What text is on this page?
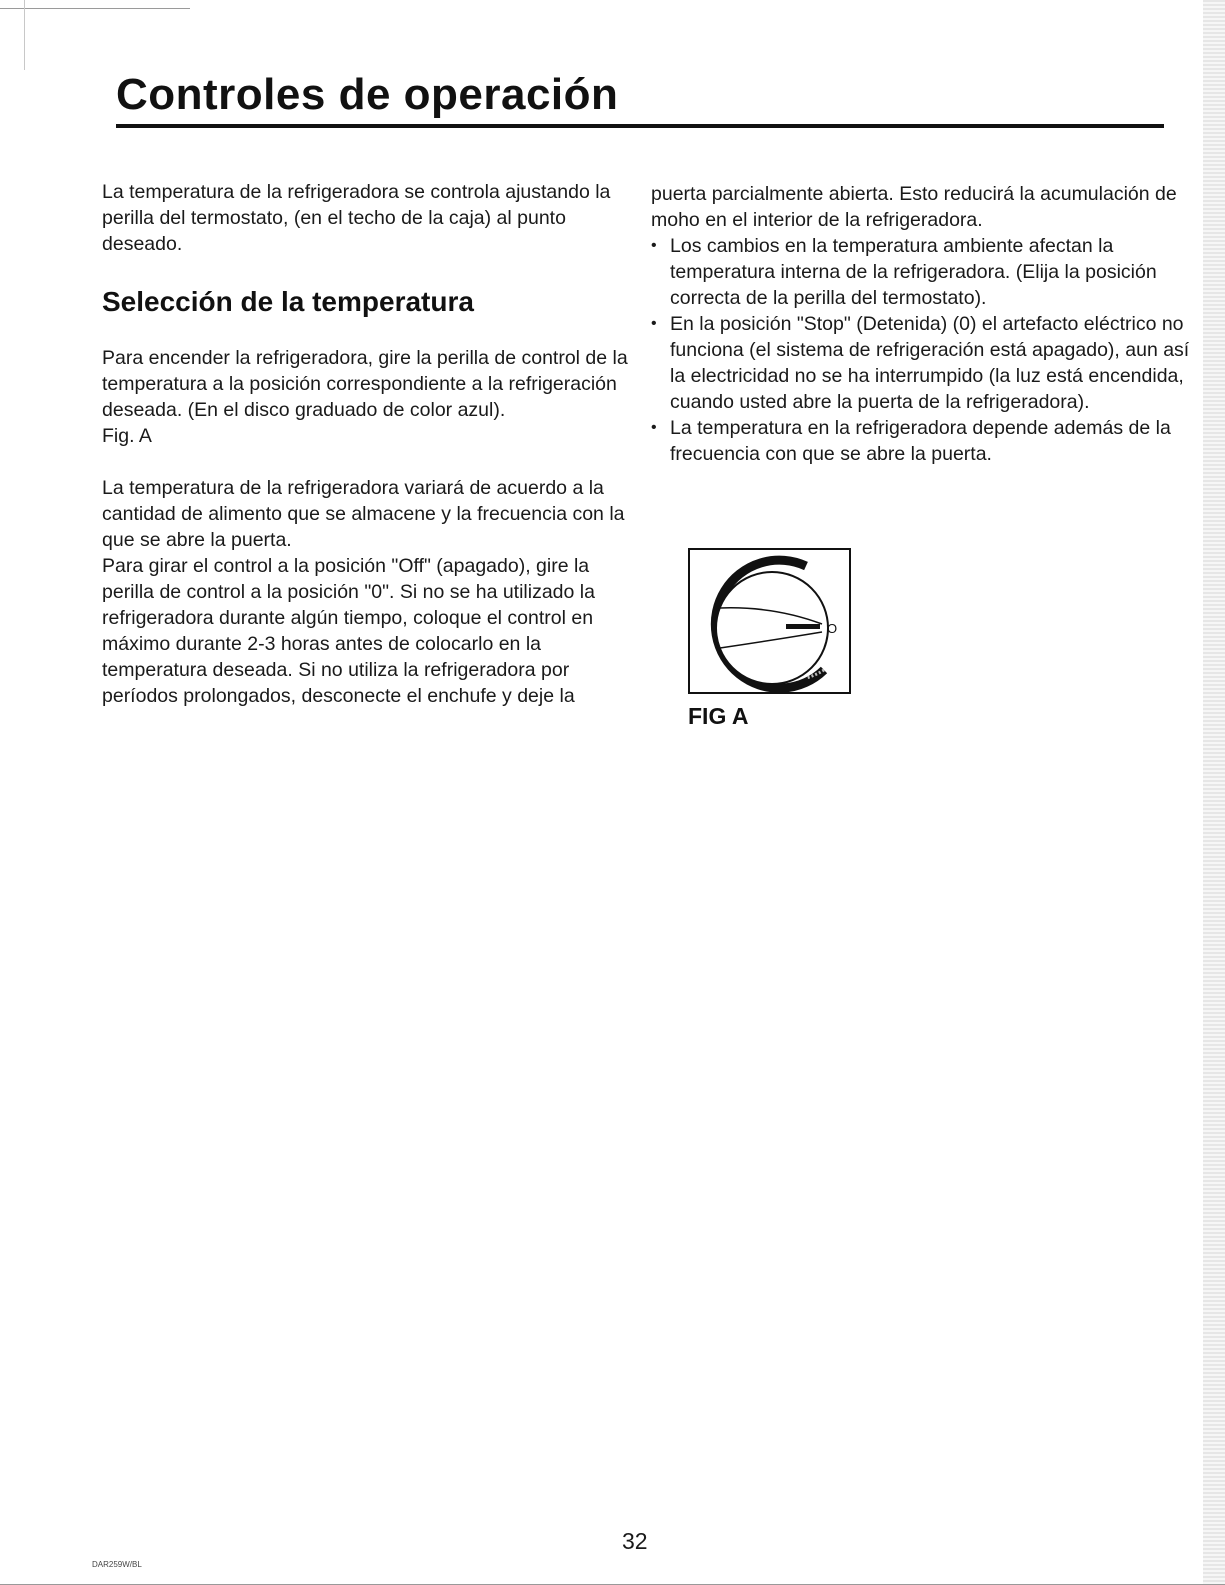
Controles de operación

La temperatura de la refrigeradora se controla ajustando la perilla del termostato, (en el techo de la caja) al punto deseado.

Selección de la temperatura

Para encender la refrigeradora, gire la perilla de control de la temperatura a la posición correspondiente a la refrigeración deseada. (En el disco graduado de color azul).

Fig. A

La temperatura de la refrigeradora variará de acuerdo a la cantidad de alimento que se almacene y la frecuencia con la que se abre la puerta.

Para girar el control a la posición "Off" (apagado), gire la perilla de control a la posición "0". Si no se ha utilizado la refrigeradora durante algún tiempo, coloque el control en máximo durante 2-3 horas antes de colocarlo en la temperatura deseada. Si no utiliza la refrigeradora por períodos prolongados, desconecte el enchufe y deje la

puerta parcialmente abierta. Esto reducirá la acumulación de moho en el interior de la refrigeradora.

• Los cambios en la temperatura ambiente afectan la temperatura interna de la refrigeradora. (Elija la posición correcta de la perilla del termostato).
• En la posición "Stop" (Detenida) (0) el artefacto eléctrico no funciona (el sistema de refrigeración está apagado), aun así la electricidad no se ha interrumpido (la luz está encendida, cuando usted abre la puerta de la refrigeradora).
• La temperatura en la refrigeradora depende además de la frecuencia con que se abre la puerta.
O

FIG A

32
DAR259W/BL
